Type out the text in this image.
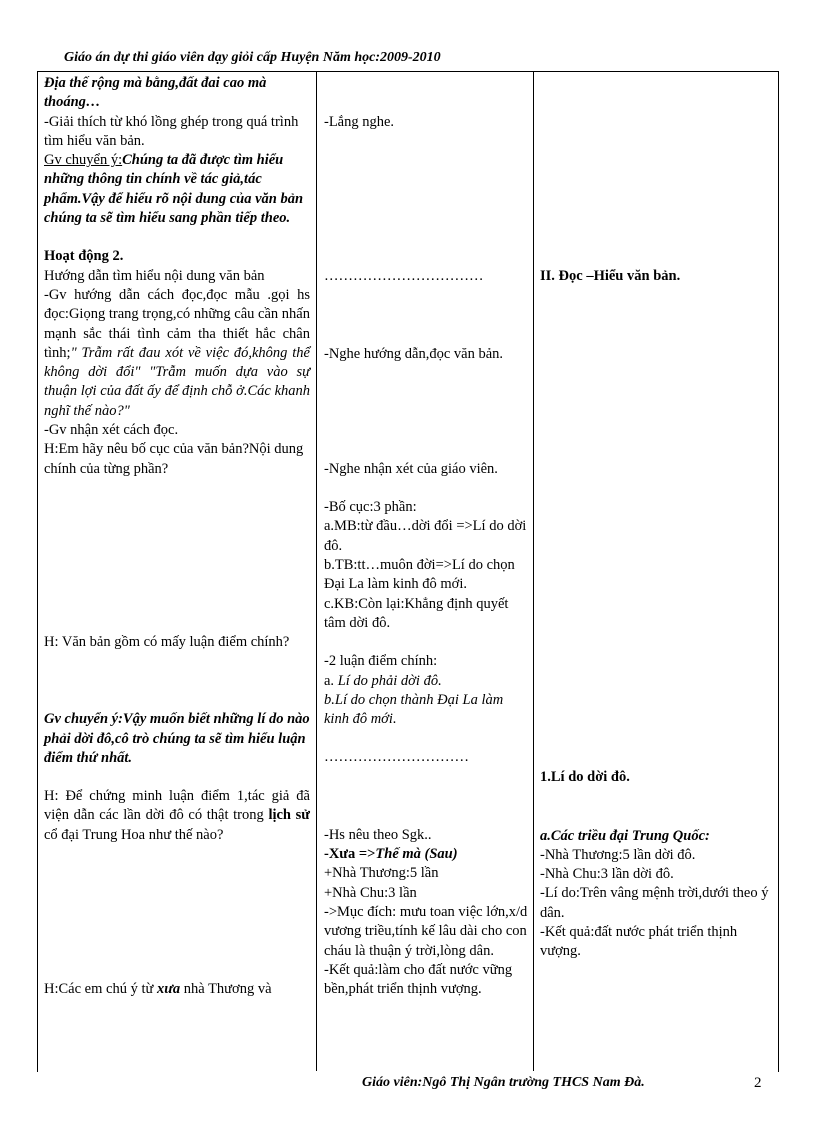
Giáo án dự thi giáo viên dạy giỏi cấp Huyện Năm học:2009-2010

Địa thế rộng mà bằng,đất đai cao mà thoáng…

-Giải thích từ khó lồng ghép trong quá trình tìm hiểu văn bản.

Gv chuyển ý:Chúng ta đã được tìm hiểu những thông tin chính về tác giả,tác phẩm.Vậy để hiểu rõ nội dung của văn bản chúng ta sẽ tìm hiểu sang phần tiếp theo.

Hoạt động 2.

Hướng dẫn tìm hiểu nội dung văn bản

-Gv hướng dẫn cách đọc,đọc mẫu .gọi hs đọc:Giọng trang trọng,có những câu cần nhấn mạnh sắc thái tình cảm tha thiết hắc chân tình;" Trẫm rất đau xót về việc đó,không thể không dời đổi" "Trẫm muốn dựa vào sự thuận lợi của đất ấy để định chỗ ở.Các khanh nghĩ thế nào?"

-Gv nhận xét cách đọc.

H:Em hãy nêu bố cục của văn bản?Nội dung chính của từng phần?

H: Văn bản gồm có mấy luận điểm chính?

Gv chuyển ý:Vậy muốn biết những lí do nào phải dời đô,cô trò chúng ta sẽ tìm hiểu luận điểm thứ nhất.

H: Để chứng minh luận điểm 1,tác giả đã viện dẫn các lần dời đô có thật trong lịch sử cổ đại Trung Hoa như thế nào?

H:Các em chú ý từ xưa nhà Thương và

-Lắng nghe.

……………………………

-Nghe hướng dẫn,đọc văn bản.

-Nghe nhận xét của giáo viên.

-Bố cục:3 phần:

a.MB:từ đầu…dời đổi =>Lí do dời đô.

b.TB:tt…muôn đời=>Lí do chọn Đại La làm kinh đô mới.

c.KB:Còn lại:Khẳng định quyết tâm dời đô.

-2 luận điểm chính:

a. Lí do phải dời đô.

b.Lí do chọn thành Đại La làm kinh đô mới.

…………………………

-Hs nêu theo Sgk..

-Xưa =>Thế mà (Sau)

+Nhà Thương:5 lần

+Nhà Chu:3 lần

->Mục đích: mưu toan việc lớn,x/d vương triều,tính kế lâu dài cho con cháu là thuận ý trời,lòng dân.

-Kết quả:làm cho đất nước vững bền,phát triển thịnh vượng.

II. Đọc –Hiểu văn bản.

1.Lí do dời đô.

a.Các triều đại Trung Quốc:

-Nhà Thương:5 lần dời đô.

-Nhà Chu:3 lần dời đô.

-Lí do:Trên vâng mệnh trời,dưới theo ý dân.

-Kết quả:đất nước phát triển thịnh vượng.

Giáo viên:Ngô Thị Ngân trường THCS Nam Đà.	2
